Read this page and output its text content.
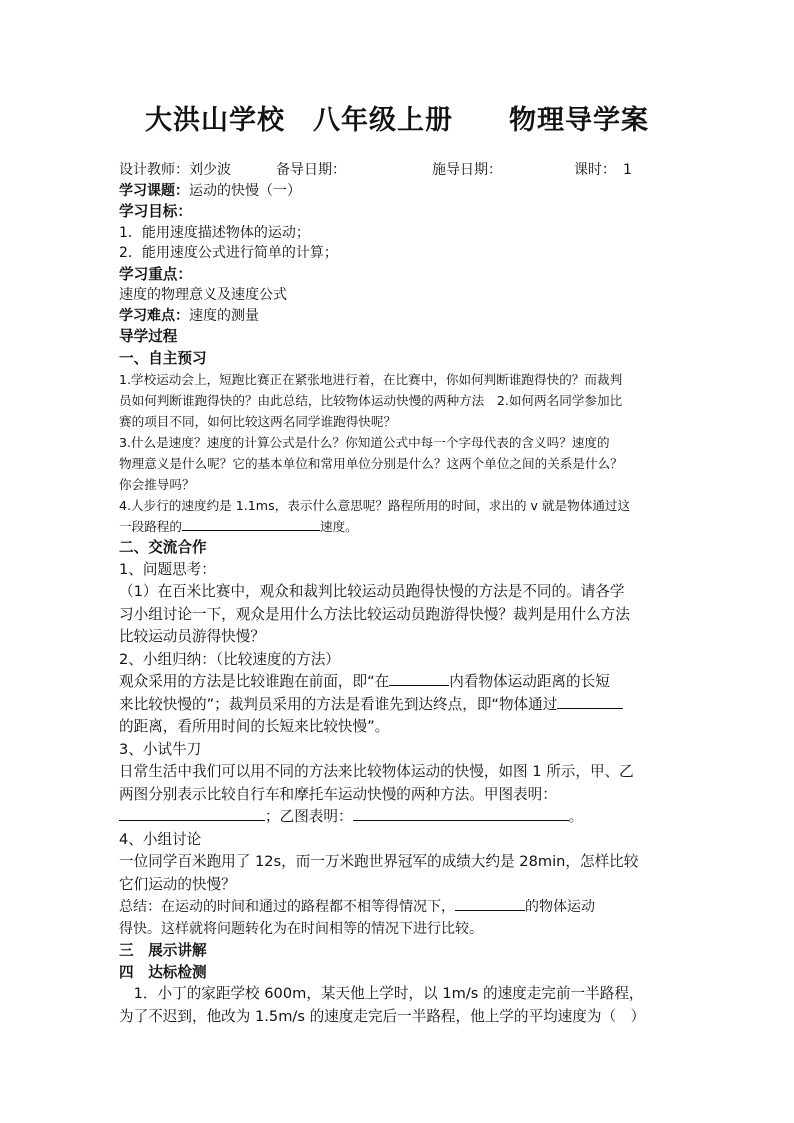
大洪山学校　八年级上册　　物理导学案
设计教师：刘少波	备导日期：	施导日期：	课时：　1
学习课题：运动的快慢（一）
学习目标：
1．能用速度描述物体的运动；
2．能用速度公式进行简单的计算；
学习重点：
速度的物理意义及速度公式
学习难点：速度的测量
导学过程
一、自主预习
1.学校运动会上，短跑比赛正在紧张地进行着，在比赛中，你如何判断谁跑得快的？而裁判
员如何判断谁跑得快的？由此总结，比较物体运动快慢的两种方法　2.如何两名同学参加比
赛的项目不同，如何比较这两名同学谁跑得快呢？
3.什么是速度？速度的计算公式是什么？你知道公式中每一个字母代表的含义吗？速度的
物理意义是什么呢？它的基本单位和常用单位分别是什么？这两个单位之间的关系是什么？
你会推导吗？
4.人步行的速度约是 1.1ms，表示什么意思呢？路程所用的时间，求出的 v 就是物体通过这
一段路程的	速度。
二、交流合作
1、问题思考：
（1）在百米比赛中，观众和裁判比较运动员跑得快慢的方法是不同的。请各学
习小组讨论一下，观众是用什么方法比较运动员跑游得快慢？裁判是用什么方法
比较运动员游得快慢？
2、小组归纳：（比较速度的方法）
观众采用的方法是比较谁跑在前面，即“在	内看物体运动距离的长短
来比较快慢的”；裁判员采用的方法是看谁先到达终点，即“物体通过
的距离，看所用时间的长短来比较快慢”。
3、小试牛刀
日常生活中我们可以用不同的方法来比较物体运动的快慢，如图 1 所示，甲、乙
两图分别表示比较自行车和摩托车运动快慢的两种方法。甲图表明：
；乙图表明：	。
4、小组讨论
一位同学百米跑用了 12s，而一万米跑世界冠军的成绩大约是 28min，怎样比较
它们运动的快慢？
总结：在运动的时间和通过的路程都不相等得情况下，	的物体运动
得快。这样就将问题转化为在时间相等的情况下进行比较。
三　展示讲解
四　达标检测
　1．小丁的家距学校 600m，某天他上学时，以 1m/s 的速度走完前一半路程，
为了不迟到，他改为 1.5m/s 的速度走完后一半路程，他上学的平均速度为（　）
